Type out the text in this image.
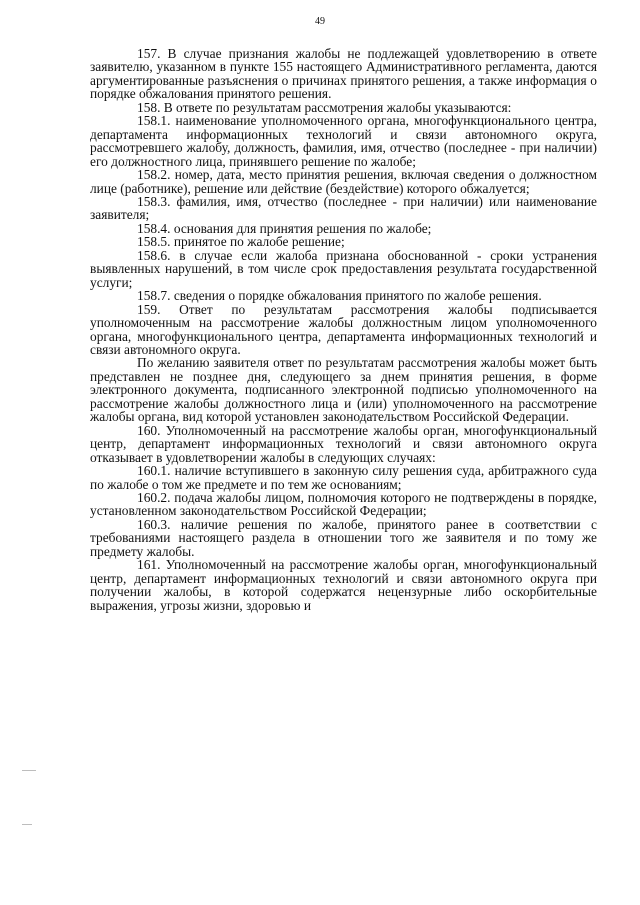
49

157. В случае признания жалобы не подлежащей удовлетворению в ответе заявителю, указанном в пункте 155 настоящего Административного регламента, даются аргументированные разъяснения о причинах принятого решения, а также информация о порядке обжалования принятого решения.

158. В ответе по результатам рассмотрения жалобы указываются:

158.1. наименование уполномоченного органа, многофункционального центра, департамента информационных технологий и связи автономного округа, рассмотревшего жалобу, должность, фамилия, имя, отчество (последнее - при наличии) его должностного лица, принявшего решение по жалобе;

158.2. номер, дата, место принятия решения, включая сведения о должностном лице (работнике), решение или действие (бездействие) которого обжалуется;

158.3. фамилия, имя, отчество (последнее - при наличии) или наименование заявителя;

158.4. основания для принятия решения по жалобе;

158.5. принятое по жалобе решение;

158.6. в случае если жалоба признана обоснованной - сроки устранения выявленных нарушений, в том числе срок предоставления результата государственной услуги;

158.7. сведения о порядке обжалования принятого по жалобе решения.

159. Ответ по результатам рассмотрения жалобы подписывается уполномоченным на рассмотрение жалобы должностным лицом уполномоченного органа, многофункционального центра, департамента информационных технологий и связи автономного округа.

По желанию заявителя ответ по результатам рассмотрения жалобы может быть представлен не позднее дня, следующего за днем принятия решения, в форме электронного документа, подписанного электронной подписью уполномоченного на рассмотрение жалобы должностного лица и (или) уполномоченного на рассмотрение жалобы органа, вид которой установлен законодательством Российской Федерации.

160. Уполномоченный на рассмотрение жалобы орган, многофункциональный центр, департамент информационных технологий и связи автономного округа отказывает в удовлетворении жалобы в следующих случаях:

160.1. наличие вступившего в законную силу решения суда, арбитражного суда по жалобе о том же предмете и по тем же основаниям;

160.2. подача жалобы лицом, полномочия которого не подтверждены в порядке, установленном законодательством Российской Федерации;

160.3. наличие решения по жалобе, принятого ранее в соответствии с требованиями настоящего раздела в отношении того же заявителя и по тому же предмету жалобы.

161. Уполномоченный на рассмотрение жалобы орган, многофункциональный центр, департамент информационных технологий и связи автономного округа при получении жалобы, в которой содержатся нецензурные либо оскорбительные выражения, угрозы жизни, здоровью и
